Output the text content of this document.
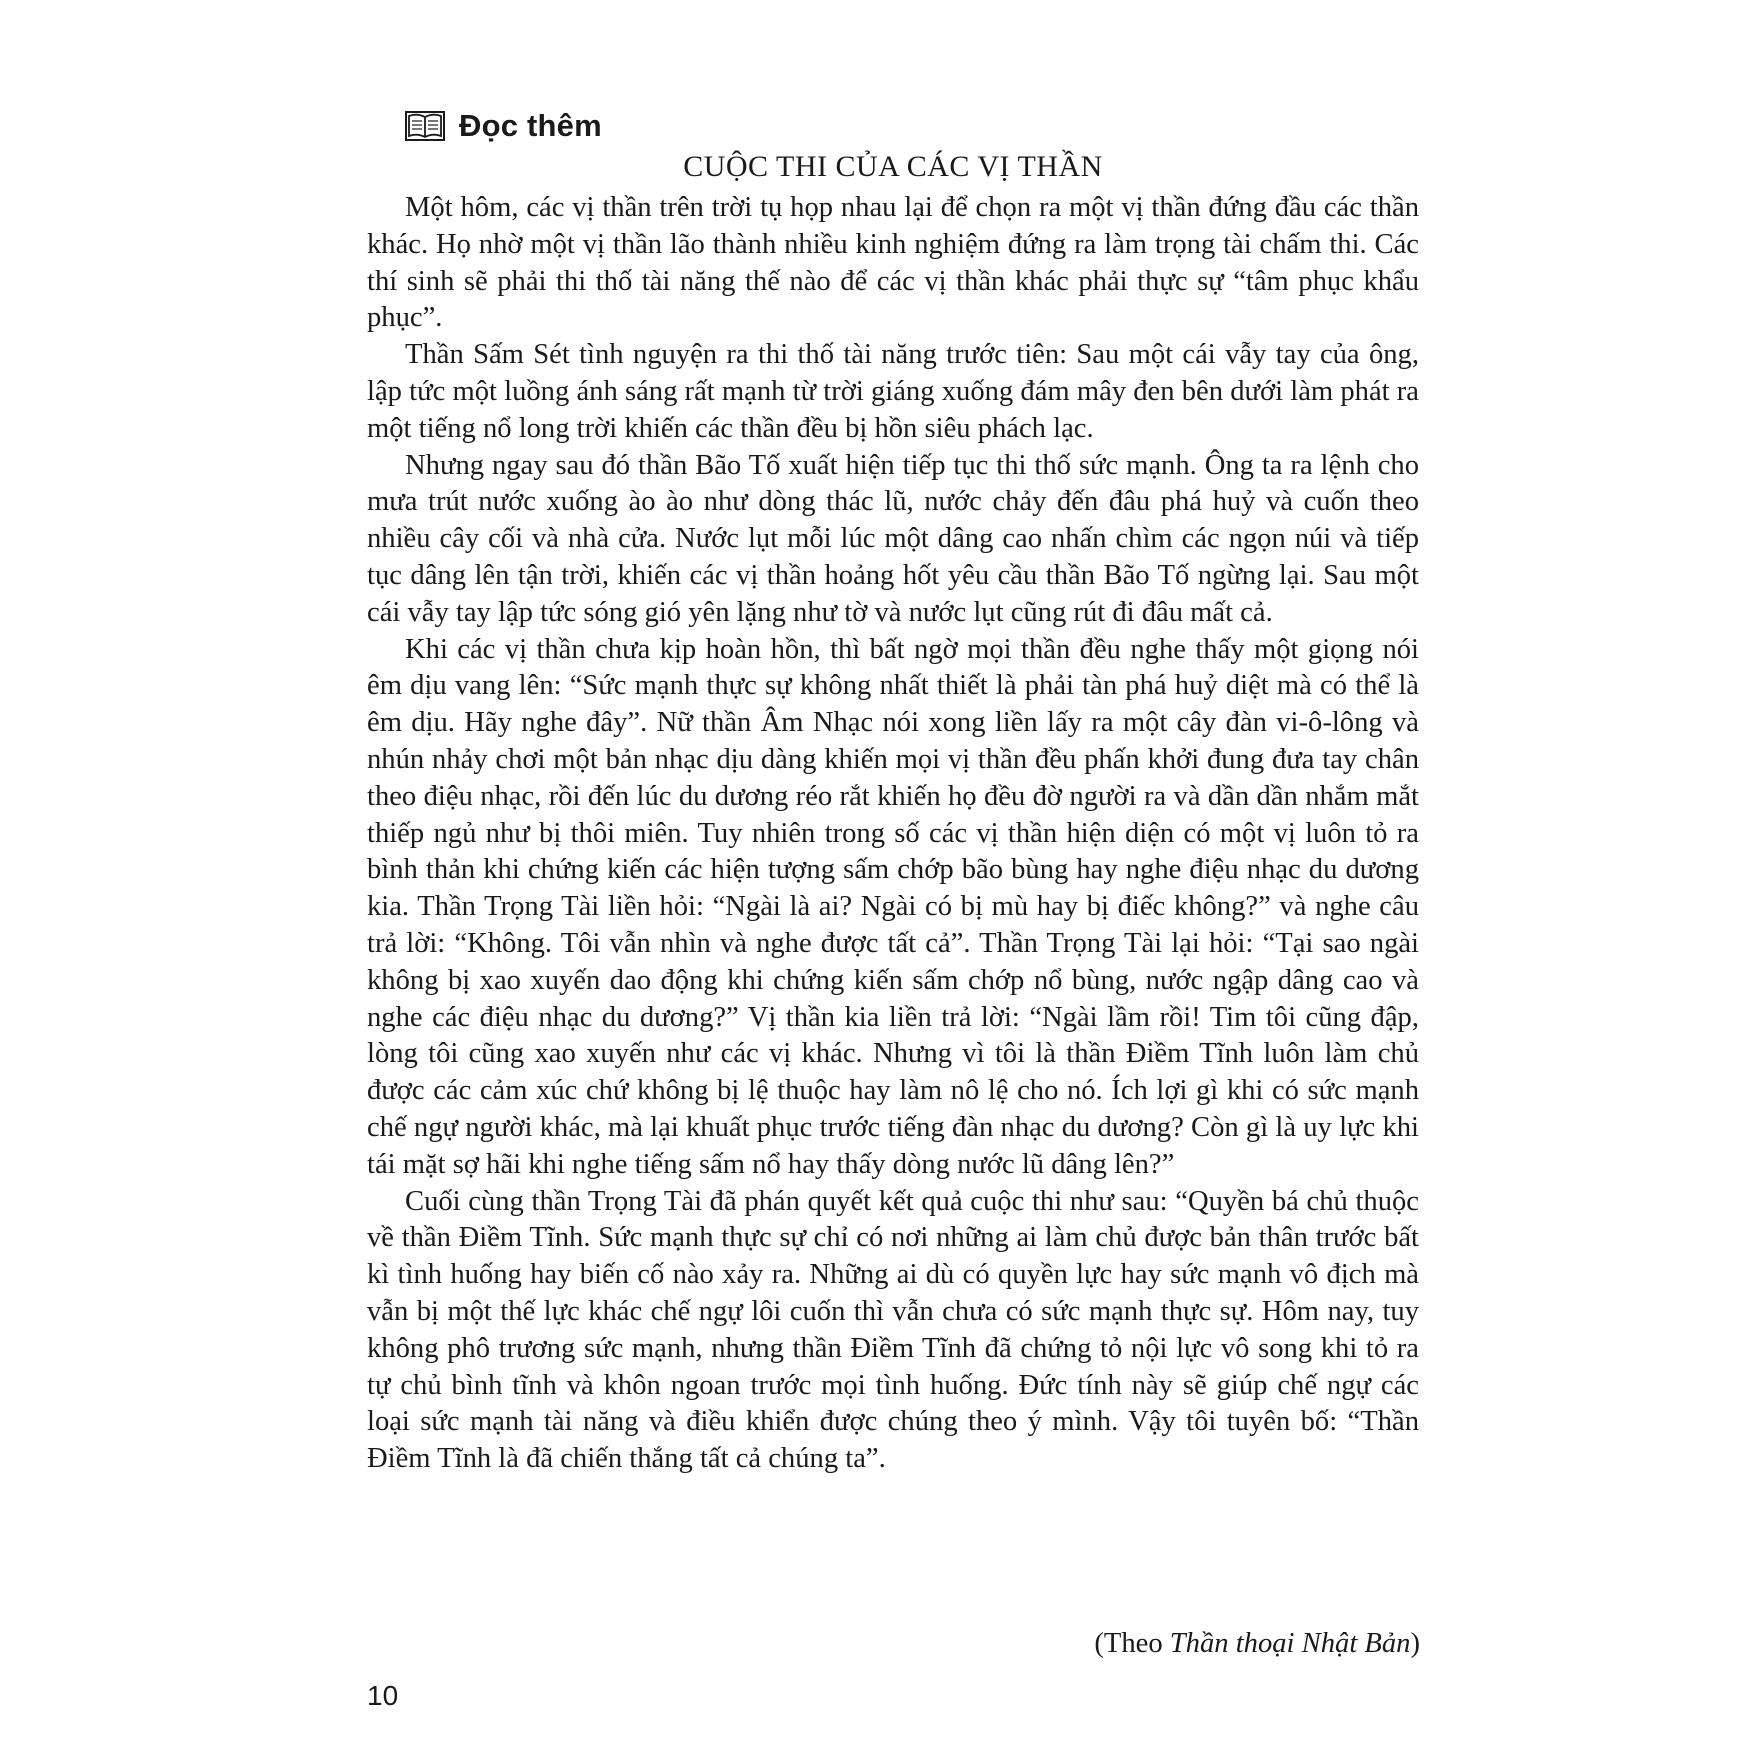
Đọc thêm
CUỘC THI CỦA CÁC VỊ THẦN

Một hôm, các vị thần trên trời tụ họp nhau lại để chọn ra một vị thần đứng đầu các thần khác. Họ nhờ một vị thần lão thành nhiều kinh nghiệm đứng ra làm trọng tài chấm thi. Các thí sinh sẽ phải thi thố tài năng thế nào để các vị thần khác phải thực sự “tâm phục khẩu phục”.

Thần Sấm Sét tình nguyện ra thi thố tài năng trước tiên: Sau một cái vẫy tay của ông, lập tức một luồng ánh sáng rất mạnh từ trời giáng xuống đám mây đen bên dưới làm phát ra một tiếng nổ long trời khiến các thần đều bị hồn siêu phách lạc.

Nhưng ngay sau đó thần Bão Tố xuất hiện tiếp tục thi thố sức mạnh. Ông ta ra lệnh cho mưa trút nước xuống ào ào như dòng thác lũ, nước chảy đến đâu phá huỷ và cuốn theo nhiều cây cối và nhà cửa. Nước lụt mỗi lúc một dâng cao nhấn chìm các ngọn núi và tiếp tục dâng lên tận trời, khiến các vị thần hoảng hốt yêu cầu thần Bão Tố ngừng lại. Sau một cái vẫy tay lập tức sóng gió yên lặng như tờ và nước lụt cũng rút đi đâu mất cả.

Khi các vị thần chưa kịp hoàn hồn, thì bất ngờ mọi thần đều nghe thấy một giọng nói êm dịu vang lên: “Sức mạnh thực sự không nhất thiết là phải tàn phá huỷ diệt mà có thể là êm dịu. Hãy nghe đây”. Nữ thần Âm Nhạc nói xong liền lấy ra một cây đàn vi-ô-lông và nhún nhảy chơi một bản nhạc dịu dàng khiến mọi vị thần đều phấn khởi đung đưa tay chân theo điệu nhạc, rồi đến lúc du dương réo rắt khiến họ đều đờ người ra và dần dần nhắm mắt thiếp ngủ như bị thôi miên. Tuy nhiên trong số các vị thần hiện diện có một vị luôn tỏ ra bình thản khi chứng kiến các hiện tượng sấm chớp bão bùng hay nghe điệu nhạc du dương kia. Thần Trọng Tài liền hỏi: “Ngài là ai? Ngài có bị mù hay bị điếc không?” và nghe câu trả lời: “Không. Tôi vẫn nhìn và nghe được tất cả”. Thần Trọng Tài lại hỏi: “Tại sao ngài không bị xao xuyến dao động khi chứng kiến sấm chớp nổ bùng, nước ngập dâng cao và nghe các điệu nhạc du dương?” Vị thần kia liền trả lời: “Ngài lầm rồi! Tim tôi cũng đập, lòng tôi cũng xao xuyến như các vị khác. Nhưng vì tôi là thần Điềm Tĩnh luôn làm chủ được các cảm xúc chứ không bị lệ thuộc hay làm nô lệ cho nó. Ích lợi gì khi có sức mạnh chế ngự người khác, mà lại khuất phục trước tiếng đàn nhạc du dương? Còn gì là uy lực khi tái mặt sợ hãi khi nghe tiếng sấm nổ hay thấy dòng nước lũ dâng lên?”

Cuối cùng thần Trọng Tài đã phán quyết kết quả cuộc thi như sau: “Quyền bá chủ thuộc về thần Điềm Tĩnh. Sức mạnh thực sự chỉ có nơi những ai làm chủ được bản thân trước bất kì tình huống hay biến cố nào xảy ra. Những ai dù có quyền lực hay sức mạnh vô địch mà vẫn bị một thế lực khác chế ngự lôi cuốn thì vẫn chưa có sức mạnh thực sự. Hôm nay, tuy không phô trương sức mạnh, nhưng thần Điềm Tĩnh đã chứng tỏ nội lực vô song khi tỏ ra tự chủ bình tĩnh và khôn ngoan trước mọi tình huống. Đức tính này sẽ giúp chế ngự các loại sức mạnh tài năng và điều khiển được chúng theo ý mình. Vậy tôi tuyên bố: “Thần Điềm Tĩnh là đã chiến thắng tất cả chúng ta”.

(Theo Thần thoại Nhật Bản)
10
